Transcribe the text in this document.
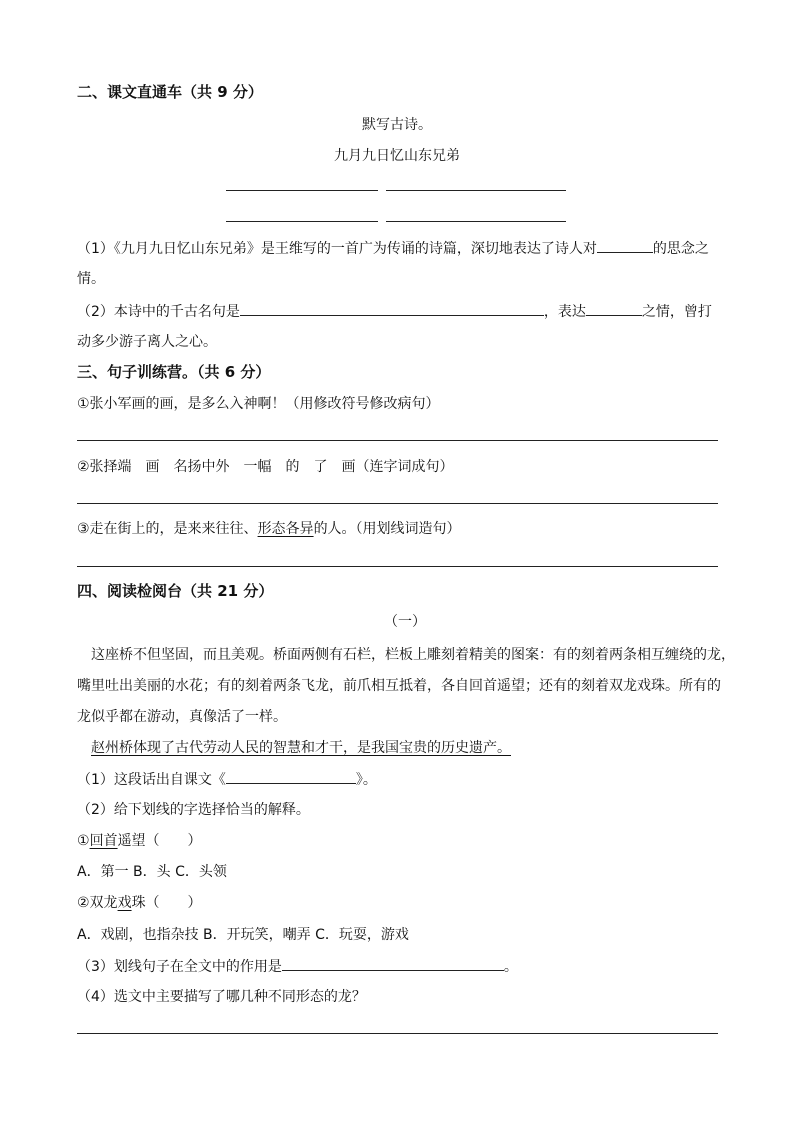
二、课文直通车（共 9 分）
默写古诗。
九月九日忆山东兄弟
（1）《九月九日忆山东兄弟》是王维写的一首广为传诵的诗篇，深切地表达了诗人对	的思念之
情。
（2）本诗中的千古名句是	，表达	之情，曾打
动多少游子离人之心。
三、句子训练营。（共 6 分）
①张小军画的画，是多么入神啊！（用修改符号修改病句）
②张择端　画　名扬中外　一幅　的　了　画（连字词成句）
③走在街上的，是来来往往、形态各异的人。（用划线词造句）
四、阅读检阅台（共 21 分）
（一）
这座桥不但坚固，而且美观。桥面两侧有石栏，栏板上雕刻着精美的图案：有的刻着两条相互缠绕的龙，
嘴里吐出美丽的水花；有的刻着两条飞龙，前爪相互抵着，各自回首遥望；还有的刻着双龙戏珠。所有的
龙似乎都在游动，真像活了一样。
赵州桥体现了古代劳动人民的智慧和才干，是我国宝贵的历史遗产。
（1）这段话出自课文《	》。
（2）给下划线的字选择恰当的解释。
①回首遥望（　　）
A．第一 B．头 C．头领
②双龙戏珠（　　）
A．戏剧，也指杂技 B．开玩笑，嘲弄 C．玩耍，游戏
（3）划线句子在全文中的作用是	。
（4）选文中主要描写了哪几种不同形态的龙？
